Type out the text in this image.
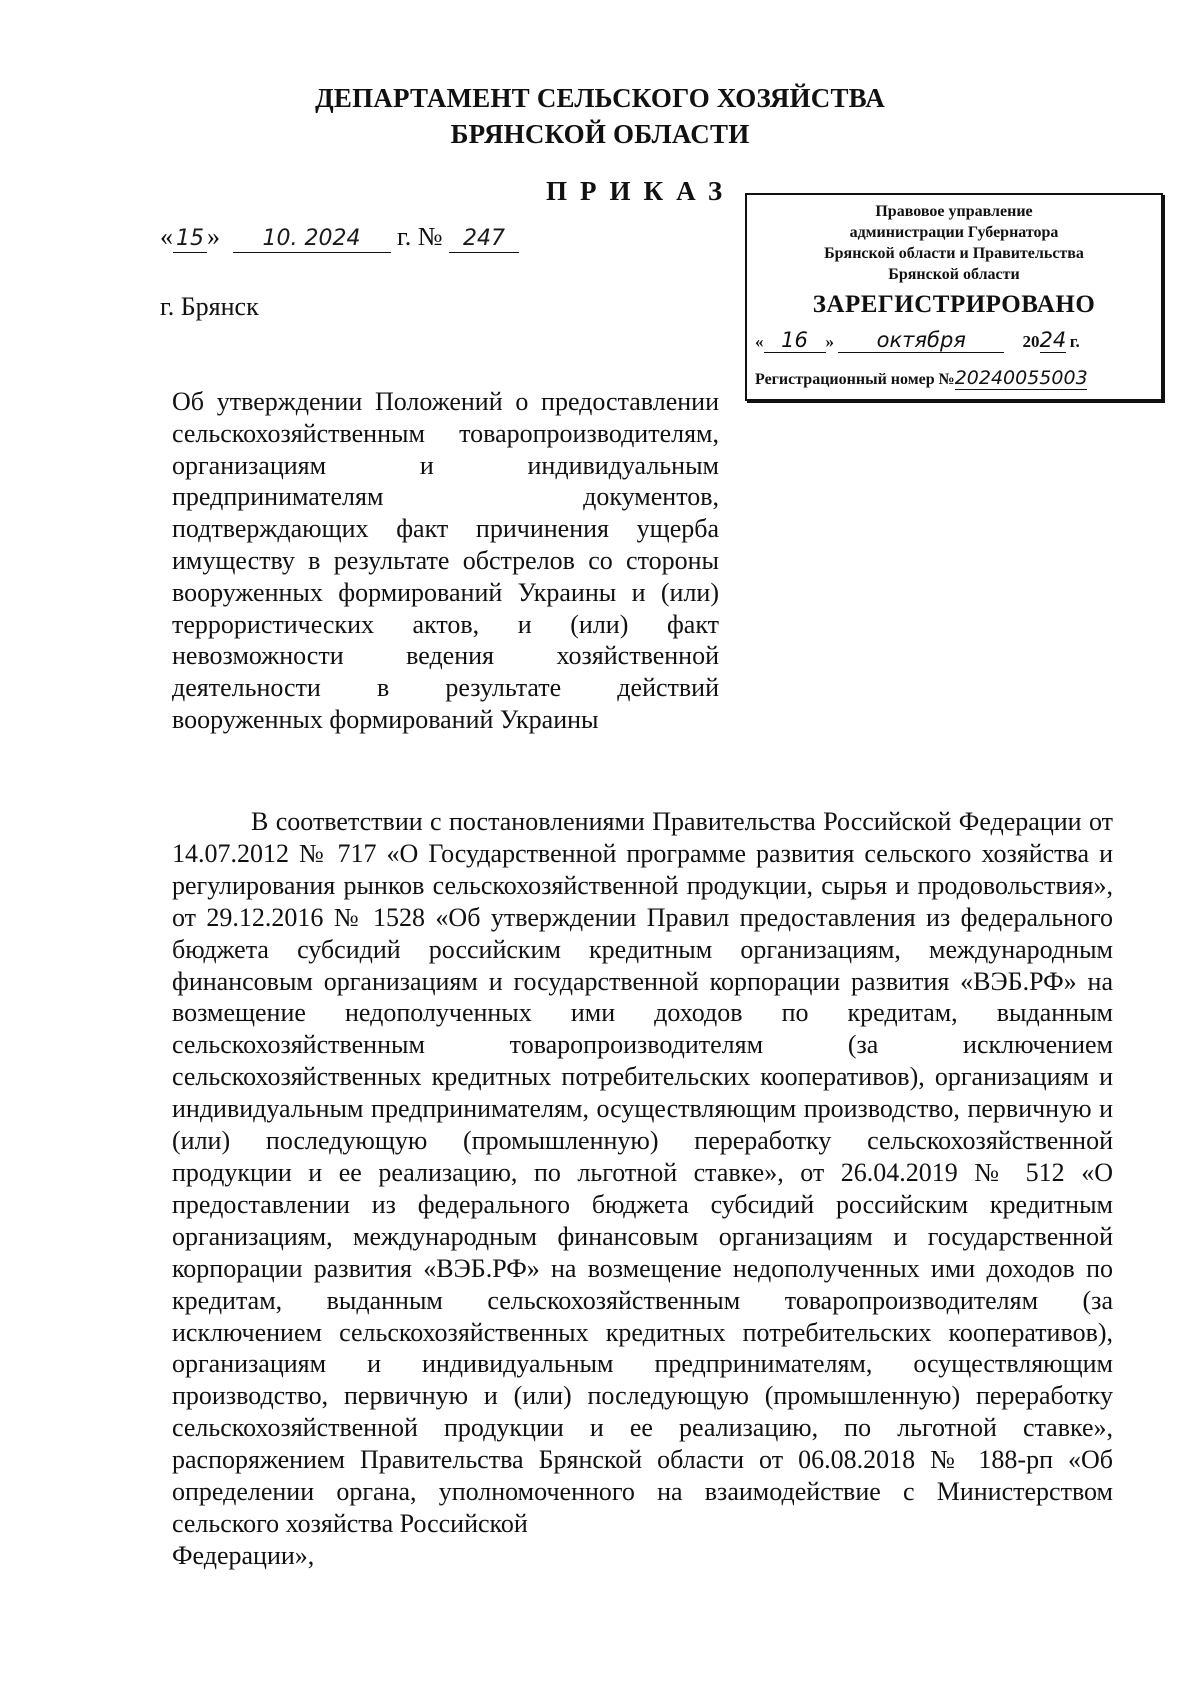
ДЕПАРТАМЕНТ СЕЛЬСКОГО ХОЗЯЙСТВА
БРЯНСКОЙ ОБЛАСТИ
ПРИКАЗ
« 15 » 10. 2024 г. № 247
г. Брянск
Правовое управление
администрации Губернатора
Брянской области и Правительства
Брянской области
ЗАРЕГИСТРИРОВАНО
« 16 » октября	2024 г.
Регистрационный номер №20240055003
Об утверждении Положений о предоставлении сельскохозяйственным товаропроизводителям, организациям и индивидуальным предпринимателям документов, подтверждающих факт причинения ущерба имуществу в результате обстрелов со стороны вооруженных формирований Украины и (или) террористических актов, и (или) факт невозможности ведения хозяйственной деятельности в результате действий
вооруженных формирований Украины
В соответствии с постановлениями Правительства Российской Федерации от 14.07.2012 № 717 «О Государственной программе развития сельского хозяйства и регулирования рынков сельскохозяйственной продукции, сырья и продовольствия», от 29.12.2016 № 1528 «Об утверждении Правил предоставления из федерального бюджета субсидий российским кредитным организациям, международным финансовым организациям и государственной корпорации развития «ВЭБ.РФ» на возмещение недополученных ими доходов по кредитам, выданным сельскохозяйственным товаропроизводителям (за исключением сельскохозяйственных кредитных потребительских кооперативов), организациям и индивидуальным предпринимателям, осуществляющим производство, первичную и (или) последующую (промышленную) переработку сельскохозяйственной продукции и ее реализацию, по льготной ставке», от 26.04.2019 № 512 «О предоставлении из федерального бюджета субсидий российским кредитным организациям, международным финансовым организациям и государственной корпорации развития «ВЭБ.РФ» на возмещение недополученных ими доходов по кредитам, выданным сельскохозяйственным товаропроизводителям (за исключением сельскохозяйственных кредитных потребительских кооперативов), организациям и индивидуальным предпринимателям, осуществляющим производство, первичную и (или) последующую (промышленную) переработку сельскохозяйственной продукции и ее реализацию, по льготной ставке», распоряжением Правительства Брянской области от 06.08.2018 № 188-рп «Об определении органа, уполномоченного на взаимодействие с Министерством сельского хозяйства Российской
Федерации»,
